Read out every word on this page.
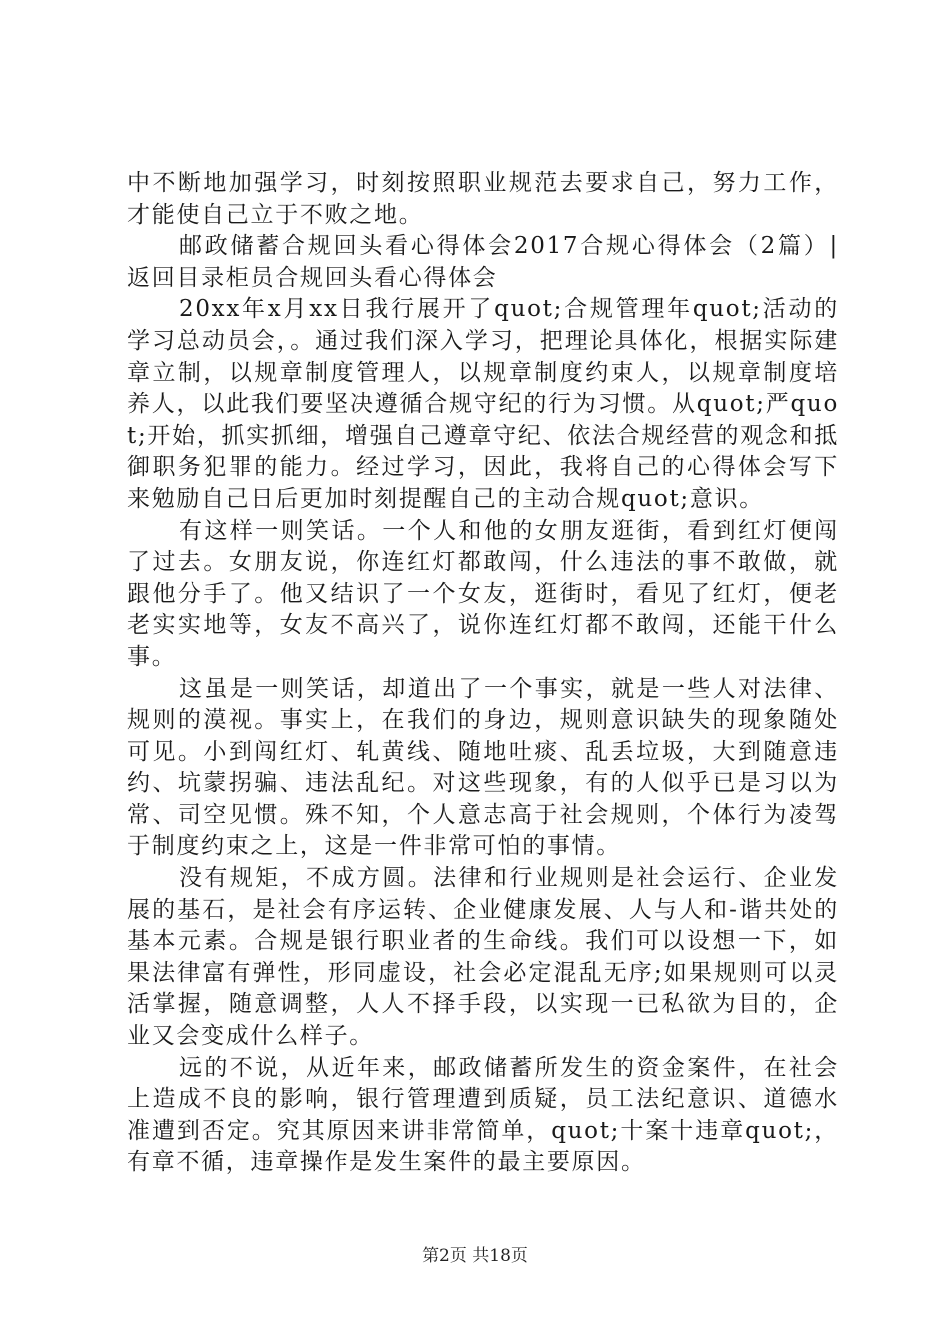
中不断地加强学习，时刻按照职业规范去要求自己，努力工作，才能使自己立于不败之地。

邮政储蓄合规回头看心得体会2017合规心得体会（2篇）| 返回目录柜员合规回头看心得体会

20xx年x月xx日我行展开了quot;合规管理年quot;活动的学习总动员会，。通过我们深入学习，把理论具体化，根据实际建章立制，以规章制度管理人，以规章制度约束人，以规章制度培养人，以此我们要坚决遵循合规守纪的行为习惯。从quot;严quot;开始，抓实抓细，增强自己遵章守纪、依法合规经营的观念和抵御职务犯罪的能力。经过学习，因此，我将自己的心得体会写下来勉励自己日后更加时刻提醒自己的主动合规quot;意识。

有这样一则笑话。一个人和他的女朋友逛街，看到红灯便闯了过去。女朋友说，你连红灯都敢闯，什么违法的事不敢做，就跟他分手了。他又结识了一个女友，逛街时，看见了红灯，便老老实实地等，女友不高兴了，说你连红灯都不敢闯，还能干什么事。

这虽是一则笑话，却道出了一个事实，就是一些人对法律、规则的漠视。事实上，在我们的身边，规则意识缺失的现象随处可见。小到闯红灯、轧黄线、随地吐痰、乱丢垃圾，大到随意违约、坑蒙拐骗、违法乱纪。对这些现象，有的人似乎已是习以为常、司空见惯。殊不知，个人意志高于社会规则，个体行为凌驾于制度约束之上，这是一件非常可怕的事情。

没有规矩，不成方圆。法律和行业规则是社会运行、企业发展的基石，是社会有序运转、企业健康发展、人与人和-谐共处的基本元素。合规是银行职业者的生命线。我们可以设想一下，如果法律富有弹性，形同虚设，社会必定混乱无序;如果规则可以灵活掌握，随意调整，人人不择手段，以实现一已私欲为目的，企业又会变成什么样子。

远的不说，从近年来，邮政储蓄所发生的资金案件，在社会上造成不良的影响，银行管理遭到质疑，员工法纪意识、道德水准遭到否定。究其原因来讲非常简单，quot;十案十违章quot;，有章不循，违章操作是发生案件的最主要原因。

第2页 共18页
